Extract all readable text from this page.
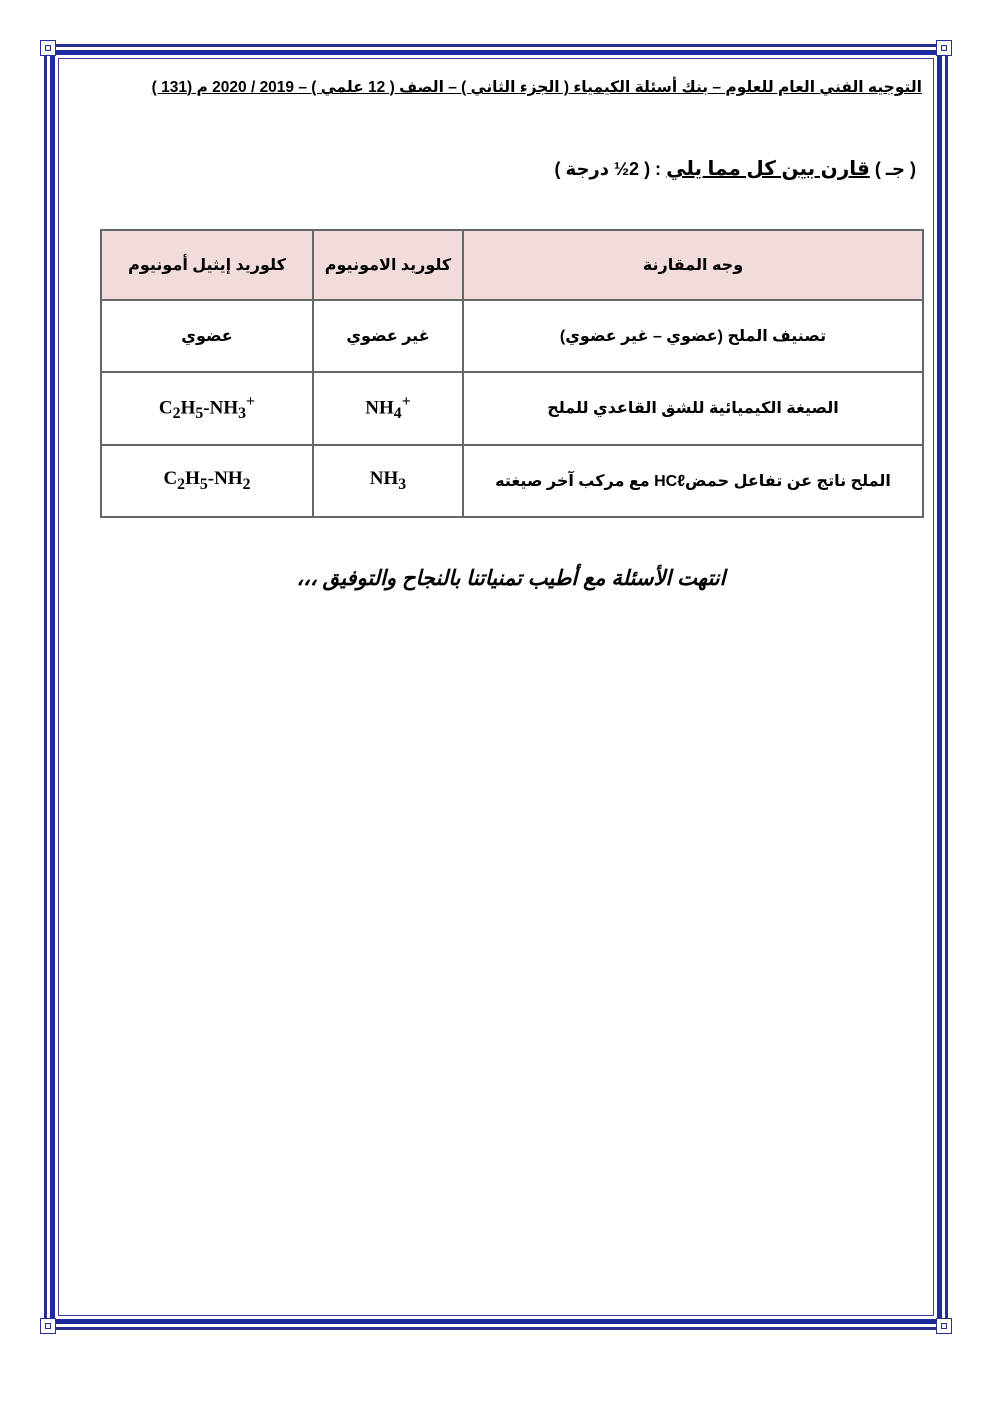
التوجيه الفني العام للعلوم – بنك أسئلة الكيمياء ( الجزء الثاني ) – الصف ( 12 علمي ) – 2019 / 2020 م (131 )
( جـ ) قارن بين كل مما يلي : ( 2½ درجة )
وجه المقارنة	كلوريد الامونيوم	كلوريد إيثيل أمونيوم
تصنيف الملح (عضوي – غير عضوي)	غير عضوي	عضوي
الصيغة الكيميائية للشق القاعدي للملح	$NH_4^+$	$C_2H_5-NH_3^+$
الملح ناتج عن تفاعل حمضHCℓ مع مركب آخر صيغته	$NH_3$	$C_2H_5-NH_2$
انتهت الأسئلة مع أطيب تمنياتنا بالنجاح والتوفيق ،،،
